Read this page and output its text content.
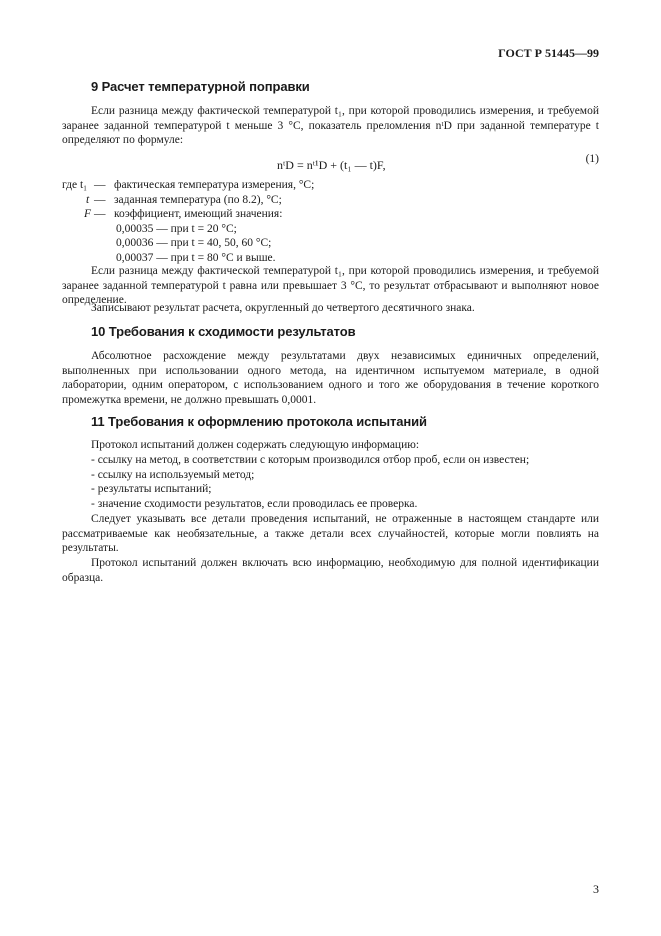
ГОСТ Р 51445—99
9 Расчет температурной поправки
Если разница между фактической температурой t₁, при которой проводились измерения, и требуемой заранее заданной температурой t меньше 3 °С, показатель преломления nᵗD при заданной температуре t определяют по формуле:
nᵗD = nᵗ¹D + (t₁ — t)F,	(1)
где t₁ — фактическая температура измерения, °С;
t — заданная температура (по 8.2), °С;
F — коэффициент, имеющий значения:
0,00035 — при t = 20 °С;
0,00036 — при t = 40, 50, 60 °С;
0,00037 — при t = 80 °С и выше.
Если разница между фактической температурой t₁, при которой проводились измерения, и требуемой заранее заданной температурой t равна или превышает 3 °С, то результат отбрасывают и выполняют новое определение.
Записывают результат расчета, округленный до четвертого десятичного знака.
10 Требования к сходимости результатов
Абсолютное расхождение между результатами двух независимых единичных определений, выполненных при использовании одного метода, на идентичном испытуемом материале, в одной лаборатории, одним оператором, с использованием одного и того же оборудования в течение короткого промежутка времени, не должно превышать 0,0001.
11 Требования к оформлению протокола испытаний
Протокол испытаний должен содержать следующую информацию:
- ссылку на метод, в соответствии с которым производился отбор проб, если он известен;
- ссылку на используемый метод;
- результаты испытаний;
- значение сходимости результатов, если проводилась ее проверка.
Следует указывать все детали проведения испытаний, не отраженные в настоящем стандарте или рассматриваемые как необязательные, а также детали всех случайностей, которые могли повлиять на результаты.
Протокол испытаний должен включать всю информацию, необходимую для полной идентификации образца.
3
